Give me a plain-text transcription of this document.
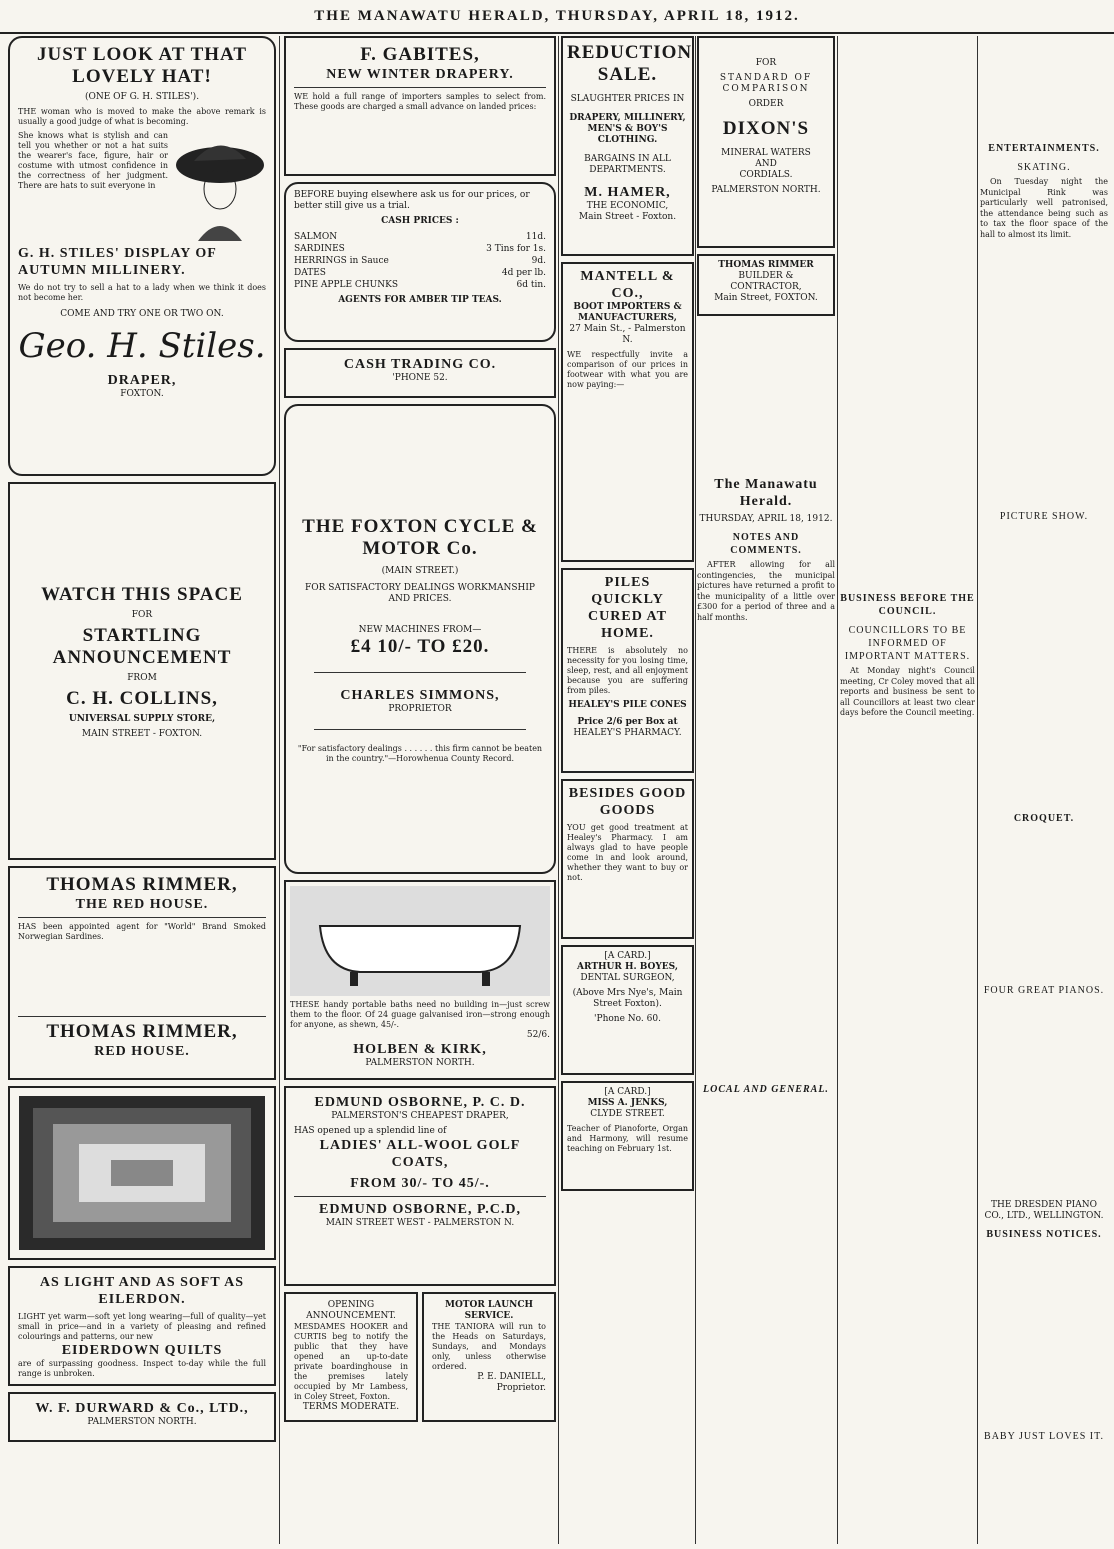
THE MANAWATU HERALD, THURSDAY, APRIL 18, 1912.
JUST LOOK AT THAT LOVELY HAT!
(ONE OF G. H. STILES').
THE woman who is moved to make the above remark is usually a good judge of what is becoming.
She knows what is stylish and can tell you whether or not a hat suits the wearer's face, figure, hair or costume with utmost confidence in the correctness of her judgment. There are hats to suit everyone in
G. H. STILES' DISPLAY OF AUTUMN MILLINERY.
We do not try to sell a hat to a lady when we think it does not become her.
COME AND TRY ONE OR TWO ON.
Geo. H. Stiles.
DRAPER,
FOXTON.
WATCH THIS SPACE
FOR
STARTLING ANNOUNCEMENT
FROM
C. H. COLLINS,
UNIVERSAL SUPPLY STORE,
MAIN STREET - FOXTON.
THOMAS RIMMER,
THE RED HOUSE.
HAS been appointed agent for "World" Brand Smoked Norwegian Sardines.
THOMAS RIMMER,
RED HOUSE.
AS LIGHT AND AS SOFT AS EILERDON.
LIGHT yet warm—soft yet long wearing—full of quality—yet small in price—and in a variety of pleasing and refined colourings and patterns, our new
EIDERDOWN QUILTS
are of surpassing goodness. Inspect to-day while the full range is unbroken.
W. F. DURWARD & Co., LTD.,
PALMERSTON NORTH.
F. GABITES,
NEW WINTER DRAPERY.
WE hold a full range of importers samples to select from. These goods are charged a small advance on landed prices:
BEFORE buying elsewhere ask us for our prices, or better still give us a trial.
CASH PRICES :
SALMON	11d.
SARDINES	3 Tins for 1s.
HERRINGS in Sauce	9d.
DATES	4d per lb.
PINE APPLE CHUNKS	6d tin.
AGENTS FOR AMBER TIP TEAS.
CASH TRADING CO.
'PHONE 52.
THE FOXTON CYCLE & MOTOR Co.
(MAIN STREET.)
FOR SATISFACTORY DEALINGS WORKMANSHIP AND PRICES.
NEW MACHINES FROM—
£4 10/- TO £20.
CHARLES SIMMONS,
PROPRIETOR
"For satisfactory dealings . . . . . . this firm cannot be beaten in the country."—Horowhenua County Record.
THESE handy portable baths need no building in—just screw them to the floor. Of 24 guage galvanised iron—strong enough for anyone, as shewn, 45/-.
52/6.
HOLBEN & KIRK,
PALMERSTON NORTH.
EDMUND OSBORNE, P. C. D.
PALMERSTON'S CHEAPEST DRAPER,
HAS opened up a splendid line of
LADIES' ALL-WOOL GOLF COATS,
FROM 30/- TO 45/-.
EDMUND OSBORNE, P.C.D,
MAIN STREET WEST - PALMERSTON N.
OPENING ANNOUNCEMENT.
MESDAMES HOOKER and CURTIS beg to notify the public that they have opened an up-to-date private boardinghouse in the premises lately occupied by Mr Lambess, in Coley Street, Foxton.
TERMS MODERATE.
MOTOR LAUNCH SERVICE.
THE TANIORA will run to the Heads on Saturdays, Sundays, and Mondays only, unless otherwise ordered.
P. E. DANIELL,
Proprietor.
REDUCTION SALE.
SLAUGHTER PRICES IN
DRAPERY, MILLINERY, MEN'S & BOY'S CLOTHING.
BARGAINS IN ALL DEPARTMENTS.
M. HAMER,
THE ECONOMIC,
Main Street - Foxton.
MANTELL & CO.,
BOOT IMPORTERS & MANUFACTURERS,
27 Main St., - Palmerston N.
WE respectfully invite a comparison of our prices in footwear with what you are now paying:—
PILES QUICKLY CURED AT HOME.
THERE is absolutely no necessity for you losing time, sleep, rest, and all enjoyment because you are suffering from piles.
HEALEY'S PILE CONES
Price 2/6 per Box at
HEALEY'S PHARMACY.
BESIDES GOOD GOODS
YOU get good treatment at Healey's Pharmacy. I am always glad to have people come in and look around, whether they want to buy or not.
[A CARD.]
ARTHUR H. BOYES,
DENTAL SURGEON,
(Above Mrs Nye's, Main Street Foxton).
'Phone No. 60.
[A CARD.]
MISS A. JENKS,
CLYDE STREET.
Teacher of Pianoforte, Organ and Harmony, will resume teaching on February 1st.
FOR
STANDARD OF COMPARISON
ORDER
DIXON'S
MINERAL WATERS
AND
CORDIALS.
PALMERSTON NORTH.
THOMAS RIMMER
BUILDER & CONTRACTOR,
Main Street, FOXTON.
The Manawatu Herald.
THURSDAY, APRIL 18, 1912.
NOTES AND COMMENTS.
AFTER allowing for all contingencies, the municipal pictures have returned a profit to the municipality of a little over £300 for a period of three and a half months.
LOCAL AND GENERAL.
BUSINESS BEFORE THE COUNCIL.
COUNCILLORS TO BE INFORMED OF IMPORTANT MATTERS.
At Monday night's Council meeting, Cr Coley moved that all reports and business be sent to all Councillors at least two clear days before the Council meeting.
ENTERTAINMENTS.
SKATING.
On Tuesday night the Municipal Rink was particularly well patronised, the attendance being such as to tax the floor space of the hall to almost its limit.
PICTURE SHOW.
CROQUET.
FOUR GREAT PIANOS.
THE DRESDEN PIANO CO., LTD., WELLINGTON.
BUSINESS NOTICES.
BABY JUST LOVES IT.
